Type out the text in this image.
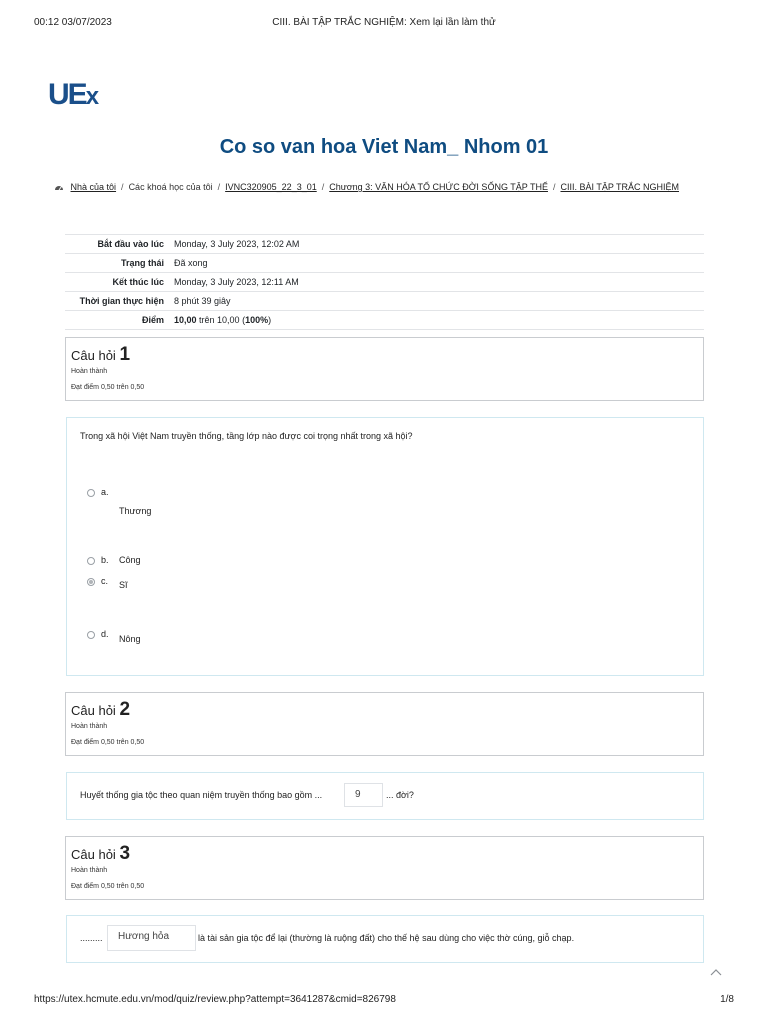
00:12 03/07/2023	CIII. BÀI TẬP TRẮC NGHIỆM: Xem lại lần làm thử
UEx
Co so van hoa Viet Nam_ Nhom 01
Nhà của tôi / Các khoá học của tôi / IVNC320905_22_3_01 / Chương 3: VĂN HÓA TỔ CHỨC ĐỜI SỐNG TẬP THỂ / CIII. BÀI TẬP TRẮC NGHIỆM
Bắt đầu vào lúc	Monday, 3 July 2023, 12:02 AM
Trạng thái	Đã xong
Kết thúc lúc	Monday, 3 July 2023, 12:11 AM
Thời gian thực hiện	8 phút 39 giây
Điểm	10,00 trên 10,00 (100%)
Câu hỏi 1
Hoàn thành
Đạt điểm 0,50 trên 0,50
Trong xã hội Việt Nam truyền thống, tầng lớp nào được coi trọng nhất trong xã hội?
a.
Thương
b. Công
c. Sĩ
d. Nông
Câu hỏi 2
Hoàn thành
Đạt điểm 0,50 trên 0,50
Huyết thống gia tộc theo quan niệm truyền thống bao gồm ...	9	... đời?
Câu hỏi 3
Hoàn thành
Đạt điểm 0,50 trên 0,50
.........	Hương hỏa	là tài sản gia tộc để lại (thường là ruộng đất) cho thế hệ sau dùng cho việc thờ cúng, giỗ chạp.
https://utex.hcmute.edu.vn/mod/quiz/review.php?attempt=3641287&cmid=826798	1/8
